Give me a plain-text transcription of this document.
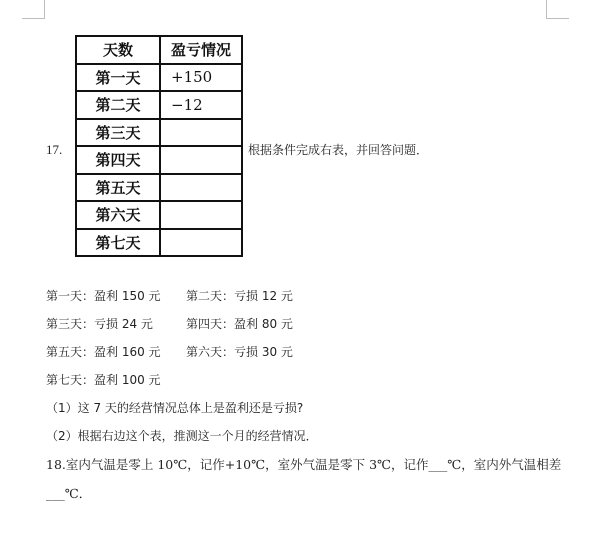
17.
天数	盈亏情况
第一天	+150
第二天	−12
第三天	
第四天	
第五天	
第六天	
第七天	
根据条件完成右表，并回答问题．
第一天：盈利 150 元 第二天：亏损 12 元
第三天：亏损 24 元	第四天：盈利 80 元
第五天：盈利 160 元 第六天：亏损 30 元
第七天：盈利 100 元
（1）这 7 天的经营情况总体上是盈利还是亏损?
（2）根据右边这个表，推测这一个月的经营情况．
18.室内气温是零上 10℃，记作+10℃，室外气温是零下 3℃，记作___℃，室内外气温相差
___℃．
